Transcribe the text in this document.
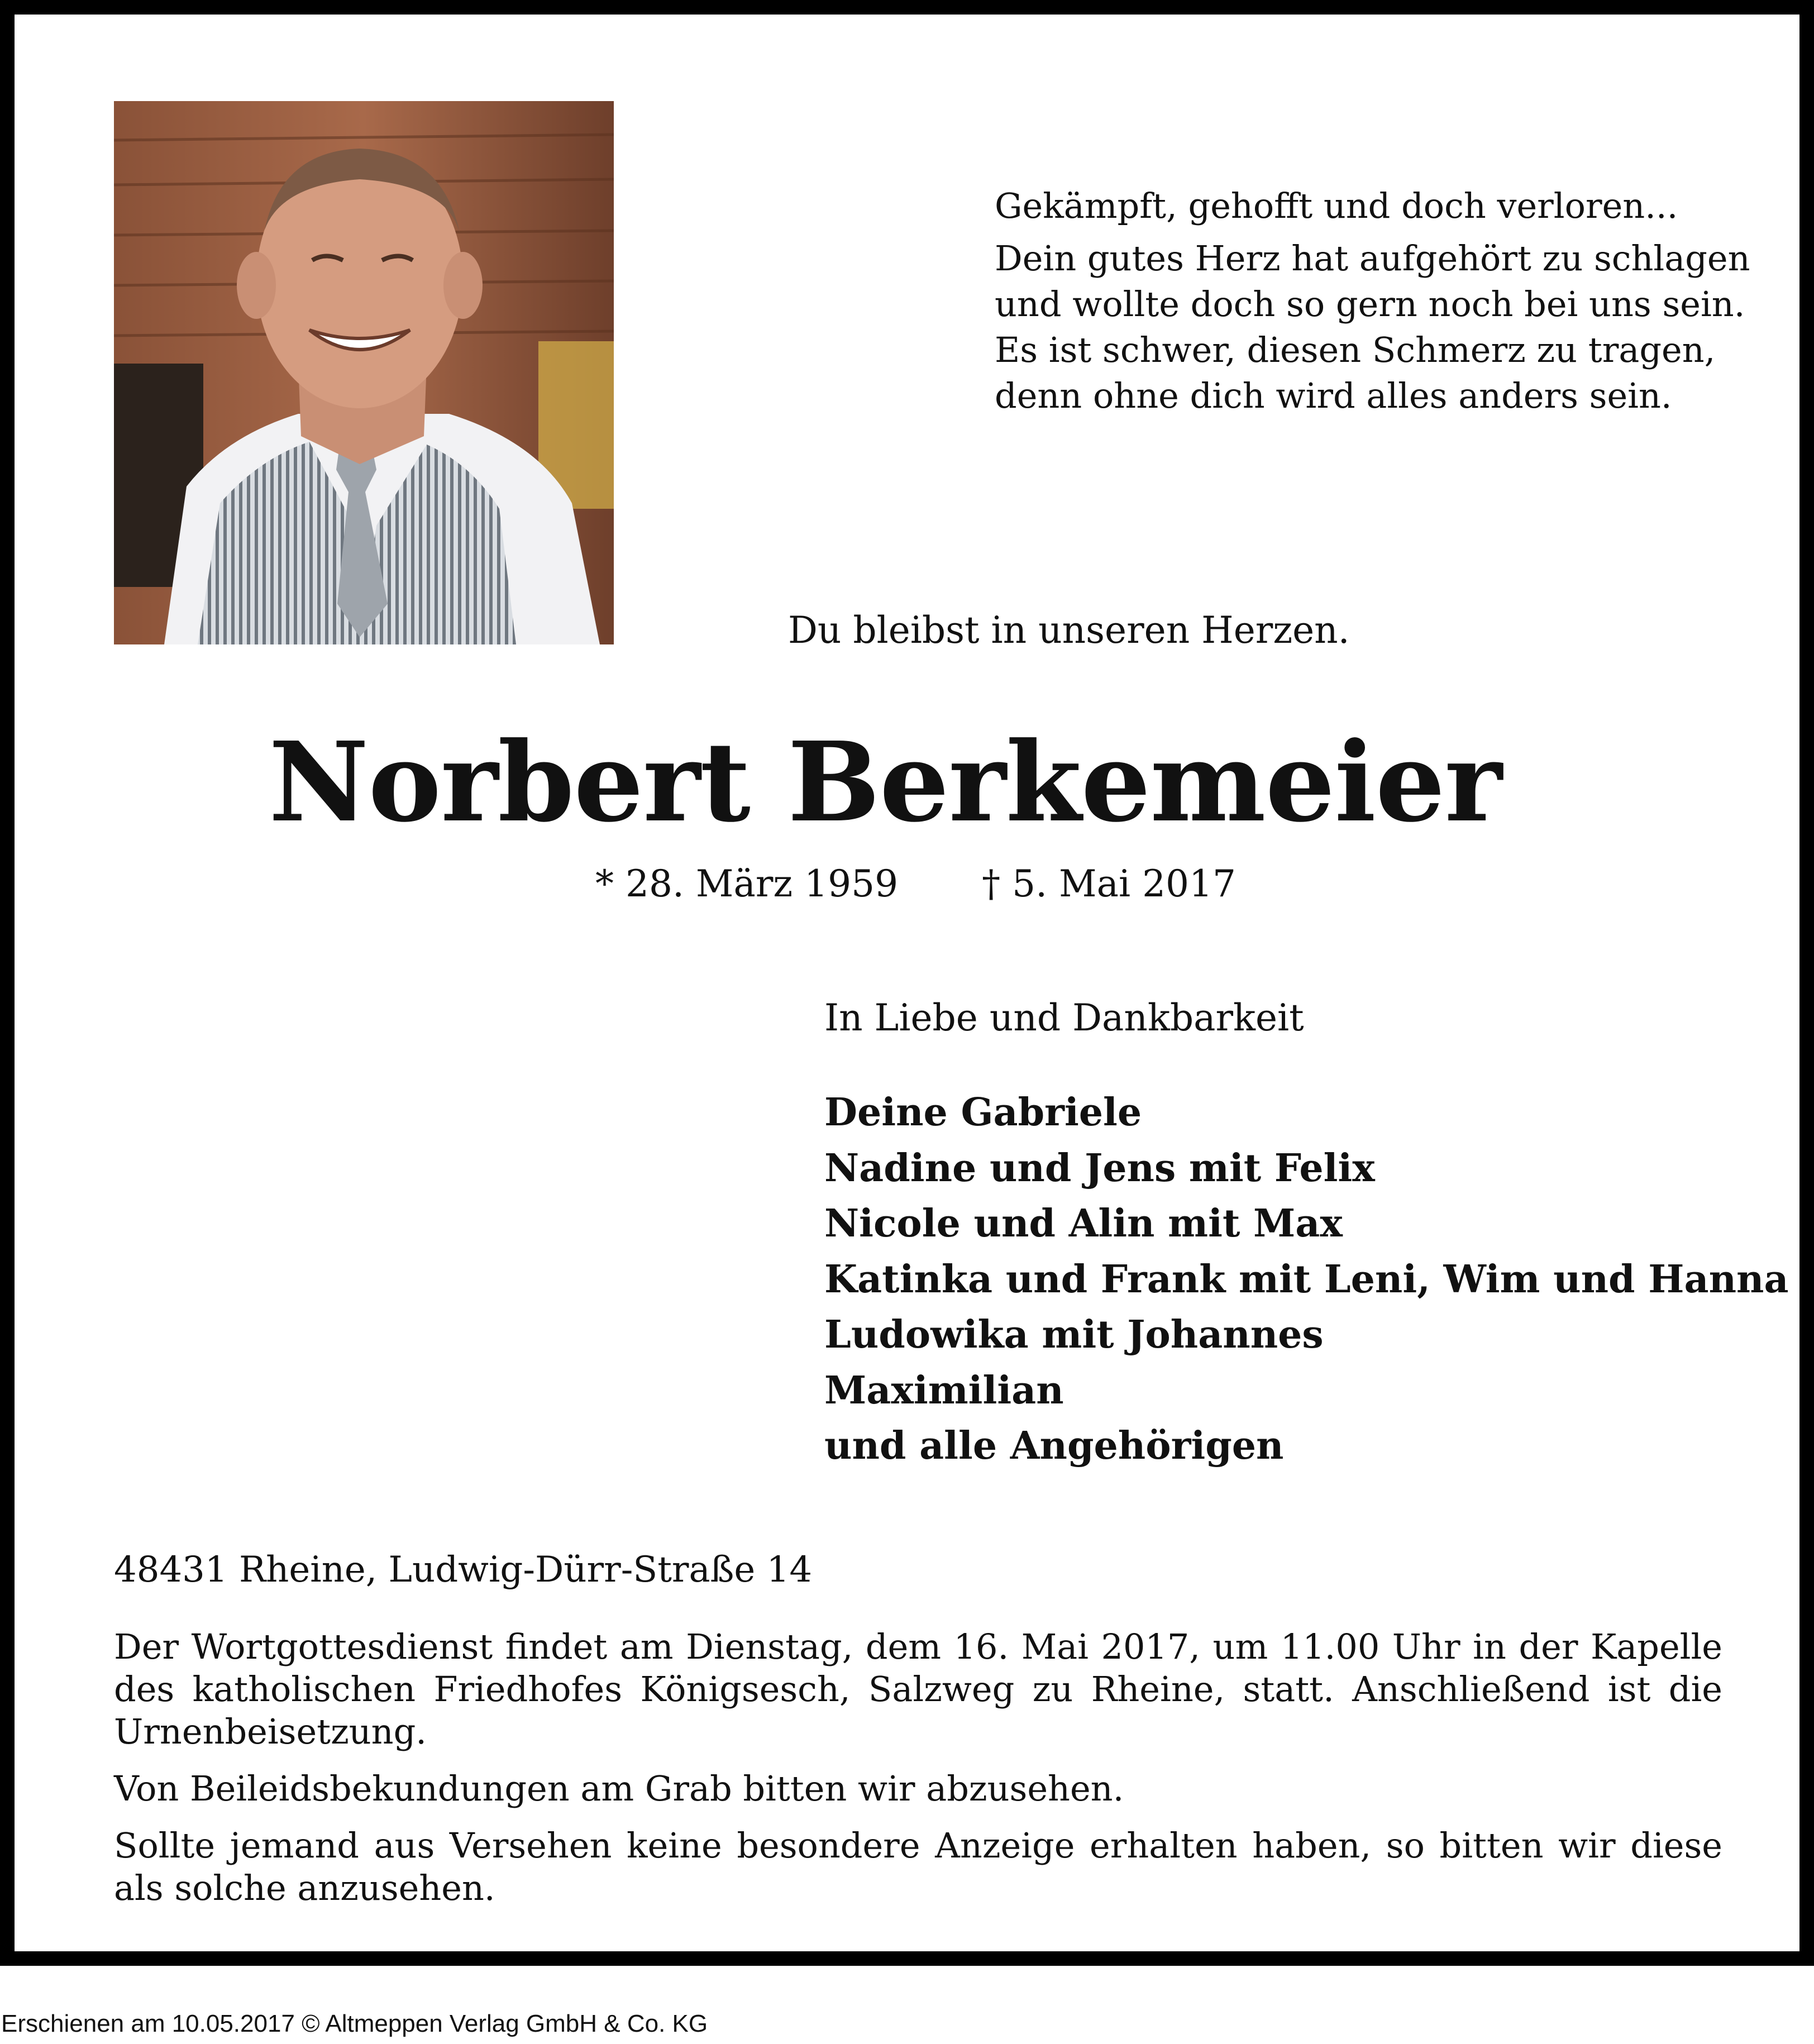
Gekämpft, gehofft und doch verloren...
Dein gutes Herz hat aufgehört zu schlagen
und wollte doch so gern noch bei uns sein.
Es ist schwer, diesen Schmerz zu tragen,
denn ohne dich wird alles anders sein.
Du bleibst in unseren Herzen.
Norbert Berkemeier
* 28. März 1959 † 5. Mai 2017
In Liebe und Dankbarkeit
Deine Gabriele
Nadine und Jens mit Felix
Nicole und Alin mit Max
Katinka und Frank mit Leni, Wim und Hanna
Ludowika mit Johannes
Maximilian
und alle Angehörigen
48431 Rheine, Ludwig-Dürr-Straße 14

Der Wortgottesdienst findet am Dienstag, dem 16. Mai 2017, um 11.00 Uhr in der Kapelle des katholischen Friedhofes Königsesch, Salzweg zu Rheine, statt. Anschließend ist die Urnenbeisetzung.

Von Beileidsbekundungen am Grab bitten wir abzusehen.

Sollte jemand aus Versehen keine besondere Anzeige erhalten haben, so bitten wir diese als solche anzusehen.

Erschienen am 10.05.2017 © Altmeppen Verlag GmbH & Co. KG
